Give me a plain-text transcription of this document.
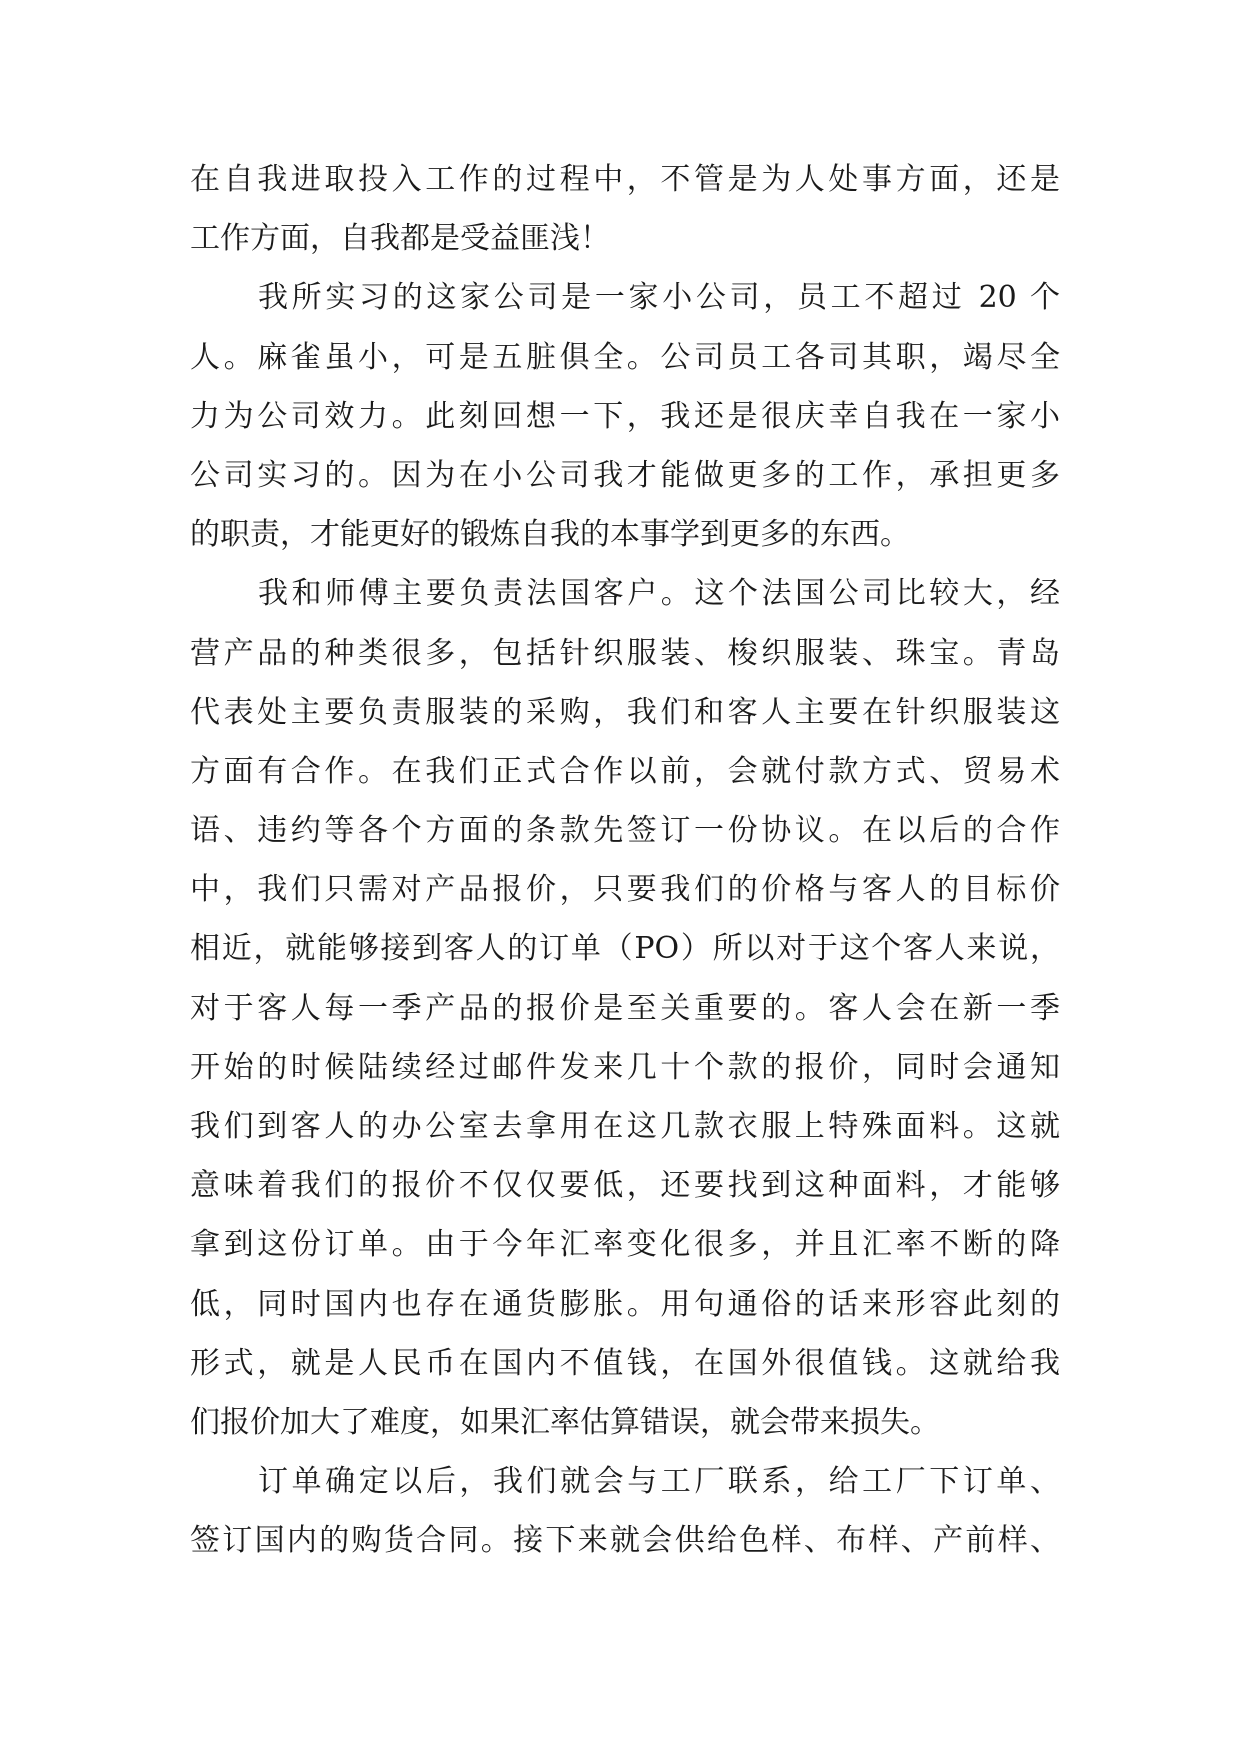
在自我进取投入工作的过程中，不管是为人处事方面，还是
工作方面，自我都是受益匪浅！
我所实习的这家公司是一家小公司，员工不超过 20 个
人。麻雀虽小，可是五脏俱全。公司员工各司其职，竭尽全
力为公司效力。此刻回想一下，我还是很庆幸自我在一家小
公司实习的。因为在小公司我才能做更多的工作，承担更多
的职责，才能更好的锻炼自我的本事学到更多的东西。
我和师傅主要负责法国客户。这个法国公司比较大，经
营产品的种类很多，包括针织服装、梭织服装、珠宝。青岛
代表处主要负责服装的采购，我们和客人主要在针织服装这
方面有合作。在我们正式合作以前，会就付款方式、贸易术
语、违约等各个方面的条款先签订一份协议。在以后的合作
中，我们只需对产品报价，只要我们的价格与客人的目标价
相近，就能够接到客人的订单（PO）所以对于这个客人来说，
对于客人每一季产品的报价是至关重要的。客人会在新一季
开始的时候陆续经过邮件发来几十个款的报价，同时会通知
我们到客人的办公室去拿用在这几款衣服上特殊面料。这就
意味着我们的报价不仅仅要低，还要找到这种面料，才能够
拿到这份订单。由于今年汇率变化很多，并且汇率不断的降
低，同时国内也存在通货膨胀。用句通俗的话来形容此刻的
形式，就是人民币在国内不值钱，在国外很值钱。这就给我
们报价加大了难度，如果汇率估算错误，就会带来损失。
订单确定以后，我们就会与工厂联系，给工厂下订单、
签订国内的购货合同。接下来就会供给色样、布样、产前样、
